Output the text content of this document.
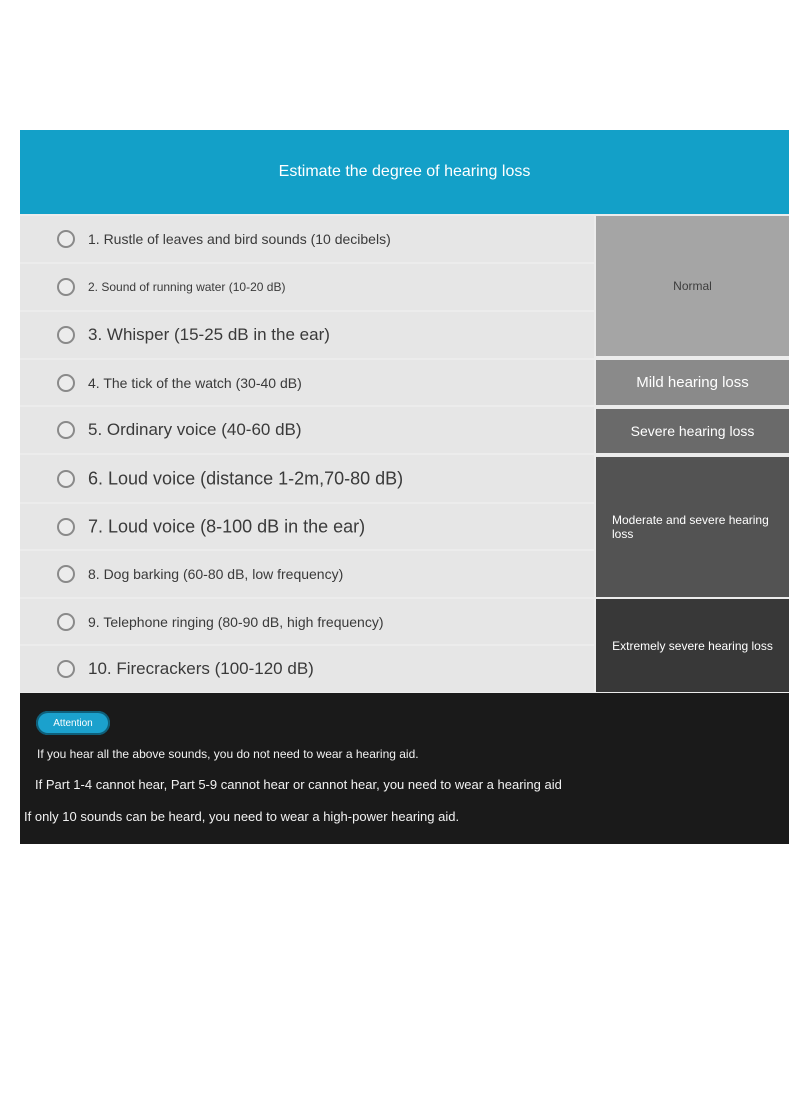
Estimate the degree of hearing loss
1. Rustle of leaves and bird sounds (10 decibels)
2. Sound of running water (10-20 dB)
3. Whisper (15-25 dB in the ear)
4. The tick of the watch (30-40 dB)
5. Ordinary voice (40-60 dB)
6. Loud voice (distance 1-2m,70-80 dB)
7. Loud voice (8-100 dB in the ear)
8. Dog barking (60-80 dB, low frequency)
9. Telephone ringing (80-90 dB, high frequency)
10. Firecrackers (100-120 dB)
Normal
Mild hearing loss
Severe hearing loss
Moderate and severe hearing loss
Extremely severe hearing loss
Attention
If you hear all the above sounds, you do not need to wear a hearing aid.
If Part 1-4 cannot hear, Part 5-9 cannot hear or cannot hear, you need to wear a hearing aid
If only 10 sounds can be heard, you need to wear a high-power hearing aid.
